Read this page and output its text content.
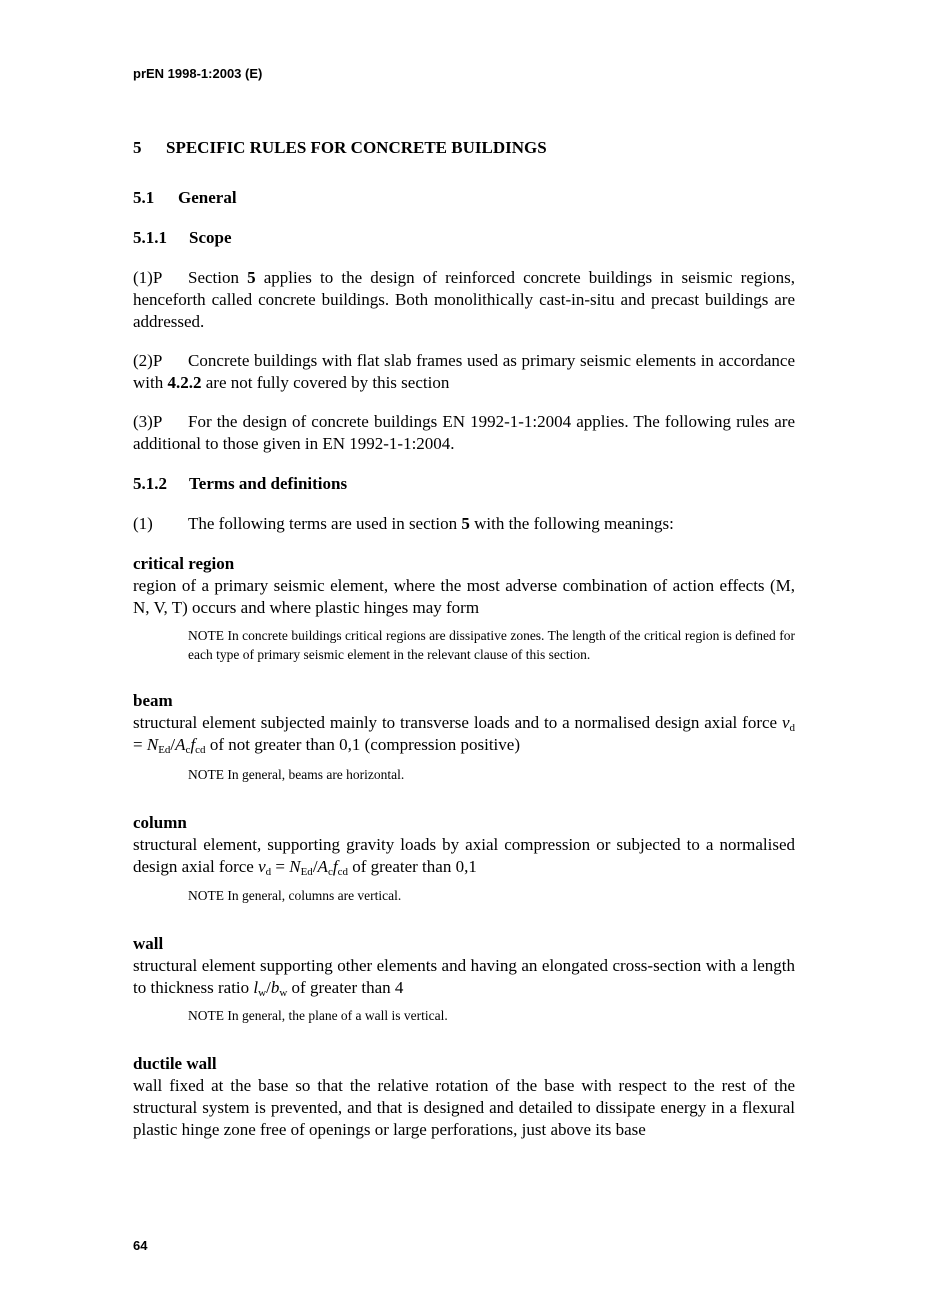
prEN 1998-1:2003 (E)

5 SPECIFIC RULES FOR CONCRETE BUILDINGS

5.1 General

5.1.1 Scope

(1)P Section 5 applies to the design of reinforced concrete buildings in seismic regions, henceforth called concrete buildings. Both monolithically cast-in-situ and precast buildings are addressed.

(2)P Concrete buildings with flat slab frames used as primary seismic elements in accordance with 4.2.2 are not fully covered by this section

(3)P For the design of concrete buildings EN 1992-1-1:2004 applies. The following rules are additional to those given in EN 1992-1-1:2004.

5.1.2 Terms and definitions

(1) The following terms are used in section 5 with the following meanings:

critical region
region of a primary seismic element, where the most adverse combination of action effects (M, N, V, T) occurs and where plastic hinges may form

NOTE In concrete buildings critical regions are dissipative zones. The length of the critical region is defined for each type of primary seismic element in the relevant clause of this section.

beam
structural element subjected mainly to transverse loads and to a normalised design axial force $\nu_d = N_{Ed}/A_cf_{cd}$ of not greater than 0,1 (compression positive)

NOTE In general, beams are horizontal.

column
structural element, supporting gravity loads by axial compression or subjected to a normalised design axial force $\nu_d = N_{Ed}/A_cf_{cd}$ of greater than 0,1

NOTE In general, columns are vertical.

wall
structural element supporting other elements and having an elongated cross-section with a length to thickness ratio $l_w/b_w$ of greater than 4

NOTE In general, the plane of a wall is vertical.

ductile wall
wall fixed at the base so that the relative rotation of the base with respect to the rest of the structural system is prevented, and that is designed and detailed to dissipate energy in a flexural plastic hinge zone free of openings or large perforations, just above its base

64
